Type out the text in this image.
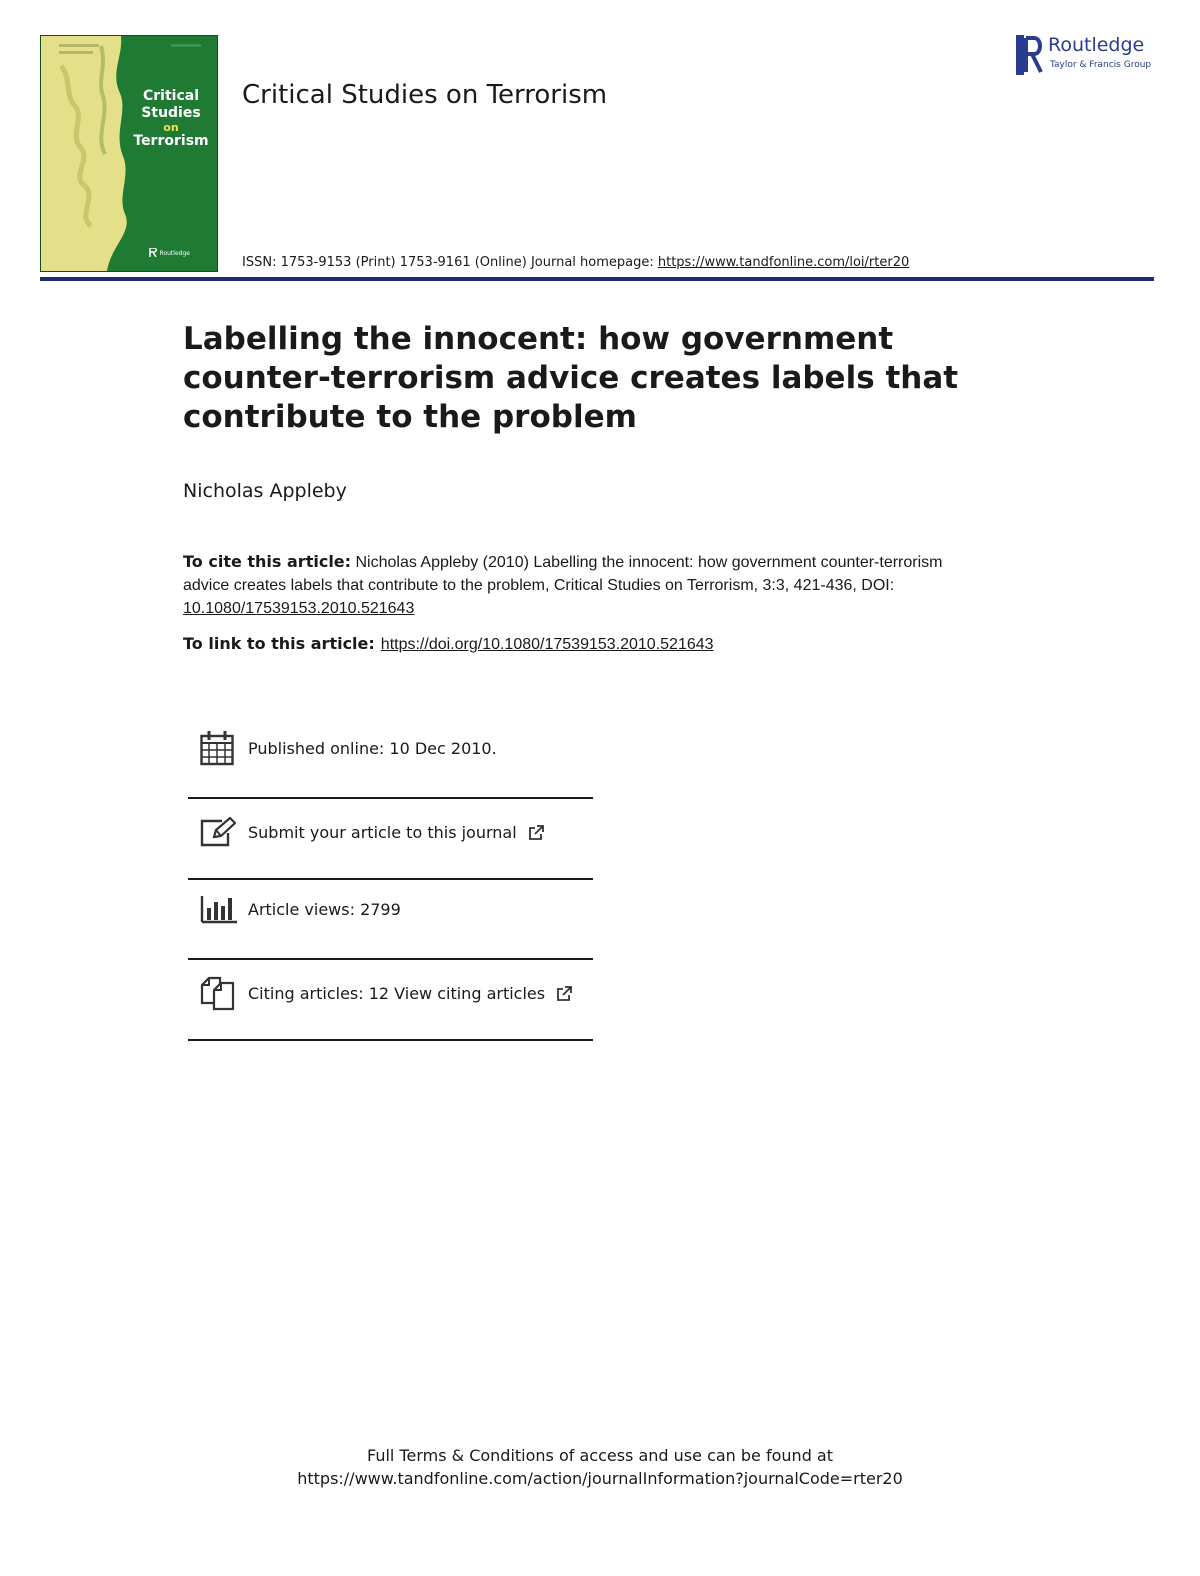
Critical
Studies
on
Terrorism
Routledge
Critical Studies on Terrorism
Routledge
Taylor & Francis Group
ISSN: 1753-9153 (Print) 1753-9161 (Online) Journal homepage: https://www.tandfonline.com/loi/rter20
Labelling the innocent: how government counter-terrorism advice creates labels that contribute to the problem
Nicholas Appleby
To cite this article: Nicholas Appleby (2010) Labelling the innocent: how government counter-terrorism advice creates labels that contribute to the problem, Critical Studies on Terrorism, 3:3, 421-436, DOI: 10.1080/17539153.2010.521643
To link to this article: https://doi.org/10.1080/17539153.2010.521643
Published online: 10 Dec 2010.
Submit your article to this journal
Article views: 2799
Citing articles: 12 View citing articles
Full Terms & Conditions of access and use can be found at
https://www.tandfonline.com/action/journalInformation?journalCode=rter20
